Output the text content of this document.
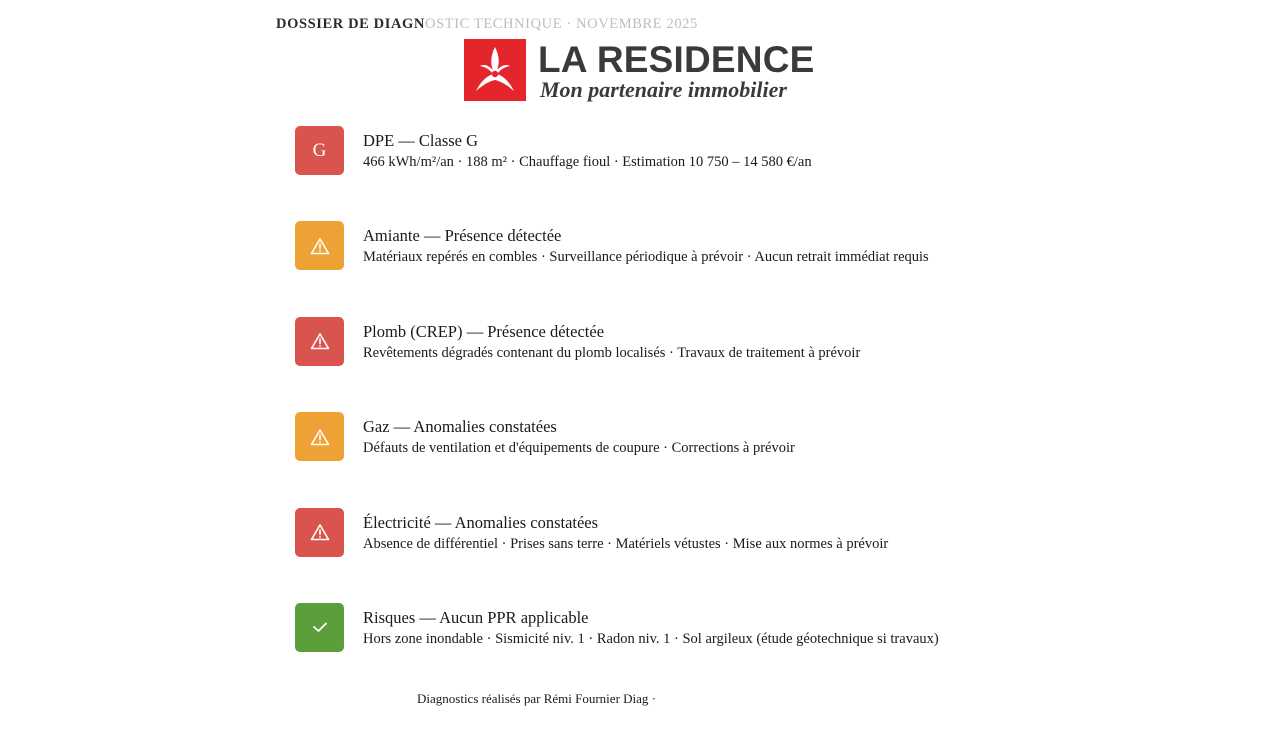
DOSSIER DE DIAGNOSTIC TECHNIQUE · NOVEMBRE 2025
LA RESIDENCE
Mon partenaire immobilier
G DPE — Classe G
466 kWh/m²/an · 188 m² · Chauffage fioul · Estimation 10 750 – 14 580 €/an
Amiante — Présence détectée
Matériaux repérés en combles · Surveillance périodique à prévoir · Aucun retrait immédiat requis
Plomb (CREP) — Présence détectée
Revêtements dégradés contenant du plomb localisés · Travaux de traitement à prévoir
Gaz — Anomalies constatées
Défauts de ventilation et d'équipements de coupure · Corrections à prévoir
Électricité — Anomalies constatées
Absence de différentiel · Prises sans terre · Matériels vétustes · Mise aux normes à prévoir
Risques — Aucun PPR applicable
Hors zone inondable · Sismicité niv. 1 · Radon niv. 1 · Sol argileux (étude géotechnique si travaux)
Diagnostics réalisés par Rémi Fournier Diag ·
